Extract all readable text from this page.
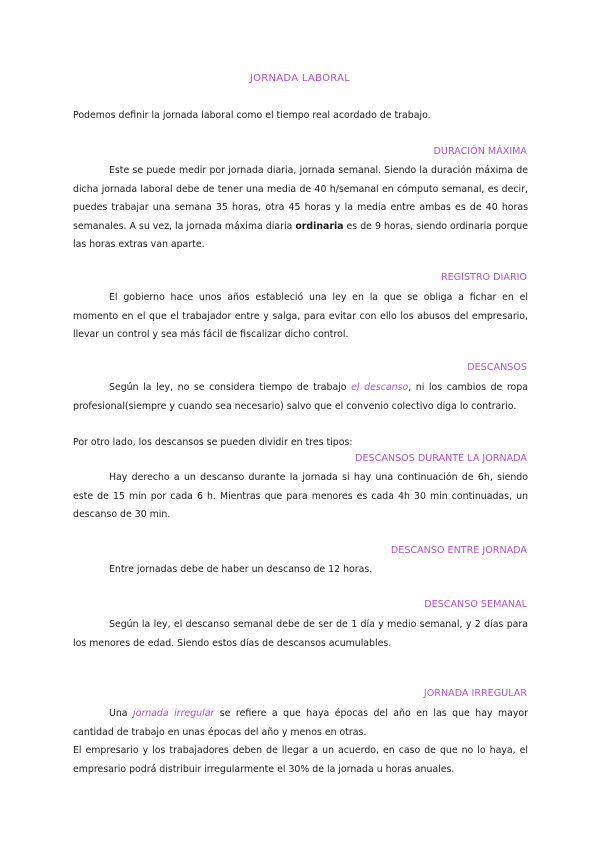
JORNADA LABORAL

Podemos definir la jornada laboral como el tiempo real acordado de trabajo.

DURACIÓN MÁXIMA

Este se puede medir por jornada diaria, jornada semanal. Siendo la duración máxima de dicha jornada laboral debe de tener una media de 40 h/semanal en cómputo semanal, es decir, puedes trabajar una semana 35 horas, otra 45 horas y la media entre ambas es de 40 horas semanales. A su vez, la jornada máxima diaria ordinaria es de 9 horas, siendo ordinaria porque las horas extras van aparte.

REGISTRO DIARIO

El gobierno hace unos años estableció una ley en la que se obliga a fichar en el momento en el que el trabajador entre y salga, para evitar con ello los abusos del empresario, llevar un control y sea más fácil de fiscalizar dicho control.

DESCANSOS

Según la ley, no se considera tiempo de trabajo el descanso, ni los cambios de ropa profesional(siempre y cuando sea necesario) salvo que el convenio colectivo diga lo contrario.

Por otro lado, los descansos se pueden dividir en tres tipos:

DESCANSOS DURANTE LA JORNADA

Hay derecho a un descanso durante la jornada si hay una continuación de 6h, siendo este de 15 min por cada 6 h. Mientras que para menores es cada 4h 30 min continuadas, un descanso de 30 min.

DESCANSO ENTRE JORNADA

Entre jornadas debe de haber un descanso de 12 horas.

DESCANSO SEMANAL

Según la ley, el descanso semanal debe de ser de 1 día y medio semanal, y 2 días para los menores de edad. Siendo estos días de descansos acumulables.

JORNADA IRREGULAR

Una jornada irregular se refiere a que haya épocas del año en las que hay mayor cantidad de trabajo en unas épocas del año y menos en otras.

El empresario y los trabajadores deben de llegar a un acuerdo, en caso de que no lo haya, el empresario podrá distribuir irregularmente el 30% de la jornada u horas anuales.
